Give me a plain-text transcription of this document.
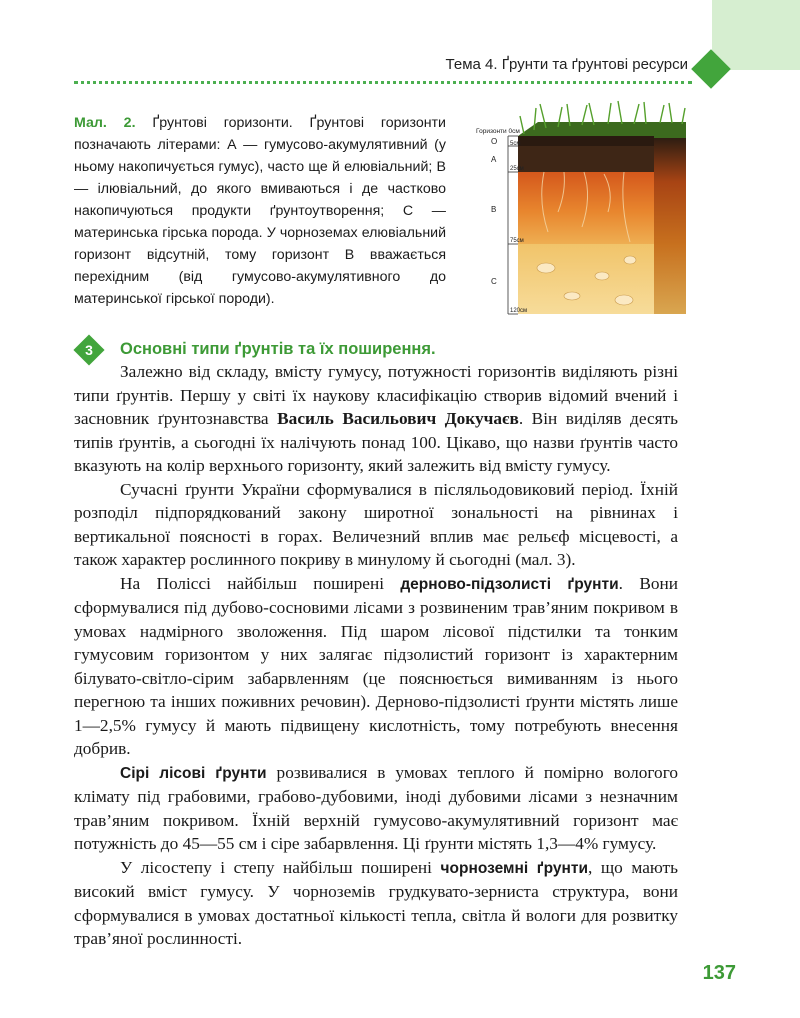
Тема 4. Ґрунти та ґрунтові ресурси
Мал. 2. Ґрунтові горизонти. Ґрунтові горизонти позначають літерами: А — гумусово-акумулятивний (у ньому накопичується гумус), часто ще й елювіальний; В — ілювіальний, до якого вмиваються і де частково накопичуються продукти ґрунтоутворення; С — материнська гірська порода. У чорноземах елювіальний горизонт відсутній, тому горизонт В вважається перехідним (від гумусово-акумулятивного до материнської гірської породи).
Горизонти 0см
О
А
В
С
5см
25см
75см
120см
3	Основні типи ґрунтів та їх поширення.

Залежно від складу, вмісту гумусу, потужності горизонтів виділяють різні типи ґрунтів. Першу у світі їх наукову класифікацію створив відомий вчений і засновник ґрунтознавства Василь Васильович Докучаєв. Він виділяв десять типів ґрунтів, а сьогодні їх налічують понад 100. Цікаво, що назви ґрунтів часто вказують на колір верхнього горизонту, який залежить від вмісту гумусу.

Сучасні ґрунти України сформувалися в післяльодовиковий період. Їхній розподіл підпорядкований закону широтної зональності на рівнинах і вертикальної поясності в горах. Величезний вплив має рельєф місцевості, а також характер рослинного покриву в минулому й сьогодні (мал. 3).

На Поліссі найбільш поширені дерново-підзолисті ґрунти. Вони сформувалися під дубово-сосновими лісами з розвиненим трав’яним покривом в умовах надмірного зволоження. Під шаром лісової підстилки та тонким гумусовим горизонтом у них залягає підзолистий горизонт із характерним білувато-світло-сірим забарвленням (це пояснюється вимиванням із нього перегною та інших поживних речовин). Дерново-підзолисті ґрунти містять лише 1—2,5% гумусу й мають підвищену кислотність, тому потребують внесення добрив.

Сірі лісові ґрунти розвивалися в умовах теплого й помірно вологого клімату під грабовими, грабово-дубовими, іноді дубовими лісами з незначним трав’яним покривом. Їхній верхній гумусово-акумулятивний горизонт має потужність до 45—55 см і сіре забарвлення. Ці ґрунти містять 1,3—4% гумусу.

У лісостепу і степу найбільш поширені чорноземні ґрунти, що мають високий вміст гумусу. У чорноземів грудкувато-зерниста структура, вони сформувалися в умовах достатньої кількості тепла, світла й вологи для розвитку трав’яної рослинності.

137
